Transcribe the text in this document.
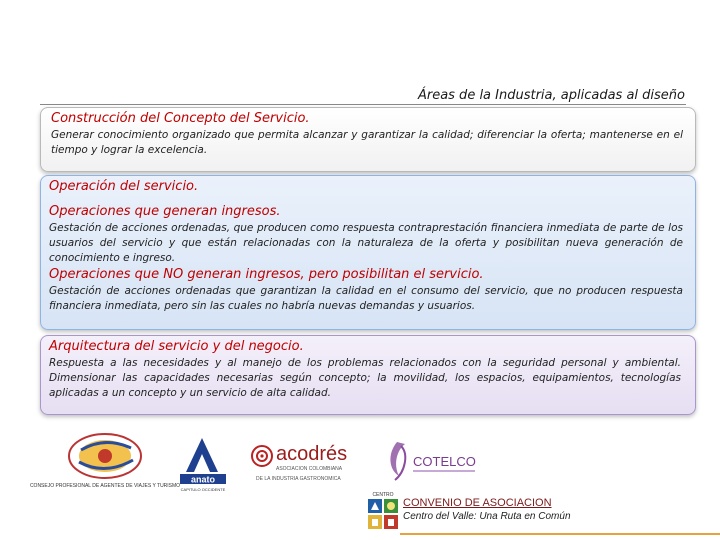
Áreas de la Industria, aplicadas al diseño

Construcción del Concepto del Servicio.

Generar conocimiento organizado que permita alcanzar y garantizar la calidad; diferenciar la oferta; mantenerse en el tiempo y lograr la excelencia.

Operación del servicio.

Operaciones que generan ingresos.

Gestación de acciones ordenadas, que producen como respuesta contraprestación financiera inmediata de parte de los usuarios del servicio y que están relacionadas con la naturaleza de la oferta y posibilitan nueva generación de conocimiento e ingreso.

Operaciones que NO generan ingresos, pero posibilitan el servicio.

Gestación de acciones ordenadas que garantizan la calidad en el consumo del servicio, que no producen respuesta financiera inmediata, pero sin las cuales no habría nuevas demandas y usuarios.

Arquitectura del servicio y del negocio.

Respuesta a las necesidades y al manejo de los problemas relacionados con la seguridad personal y ambiental. Dimensionar las capacidades necesarias según concepto; la movilidad, los espacios, equipamientos, tecnologías aplicadas a un concepto y un servicio de alta calidad.

CONSEJO PROFESIONAL DE AGENTES DE VIAJES Y TURISMO
anato
CAPITULO OCCIDENTE
acodrés
ASOCIACION COLOMBIANA
DE LA INDUSTRIA GASTRONOMICA
COTELCO
CENTRO
CONVENIO DE ASOCIACION
Centro del Valle: Una Ruta en Común
